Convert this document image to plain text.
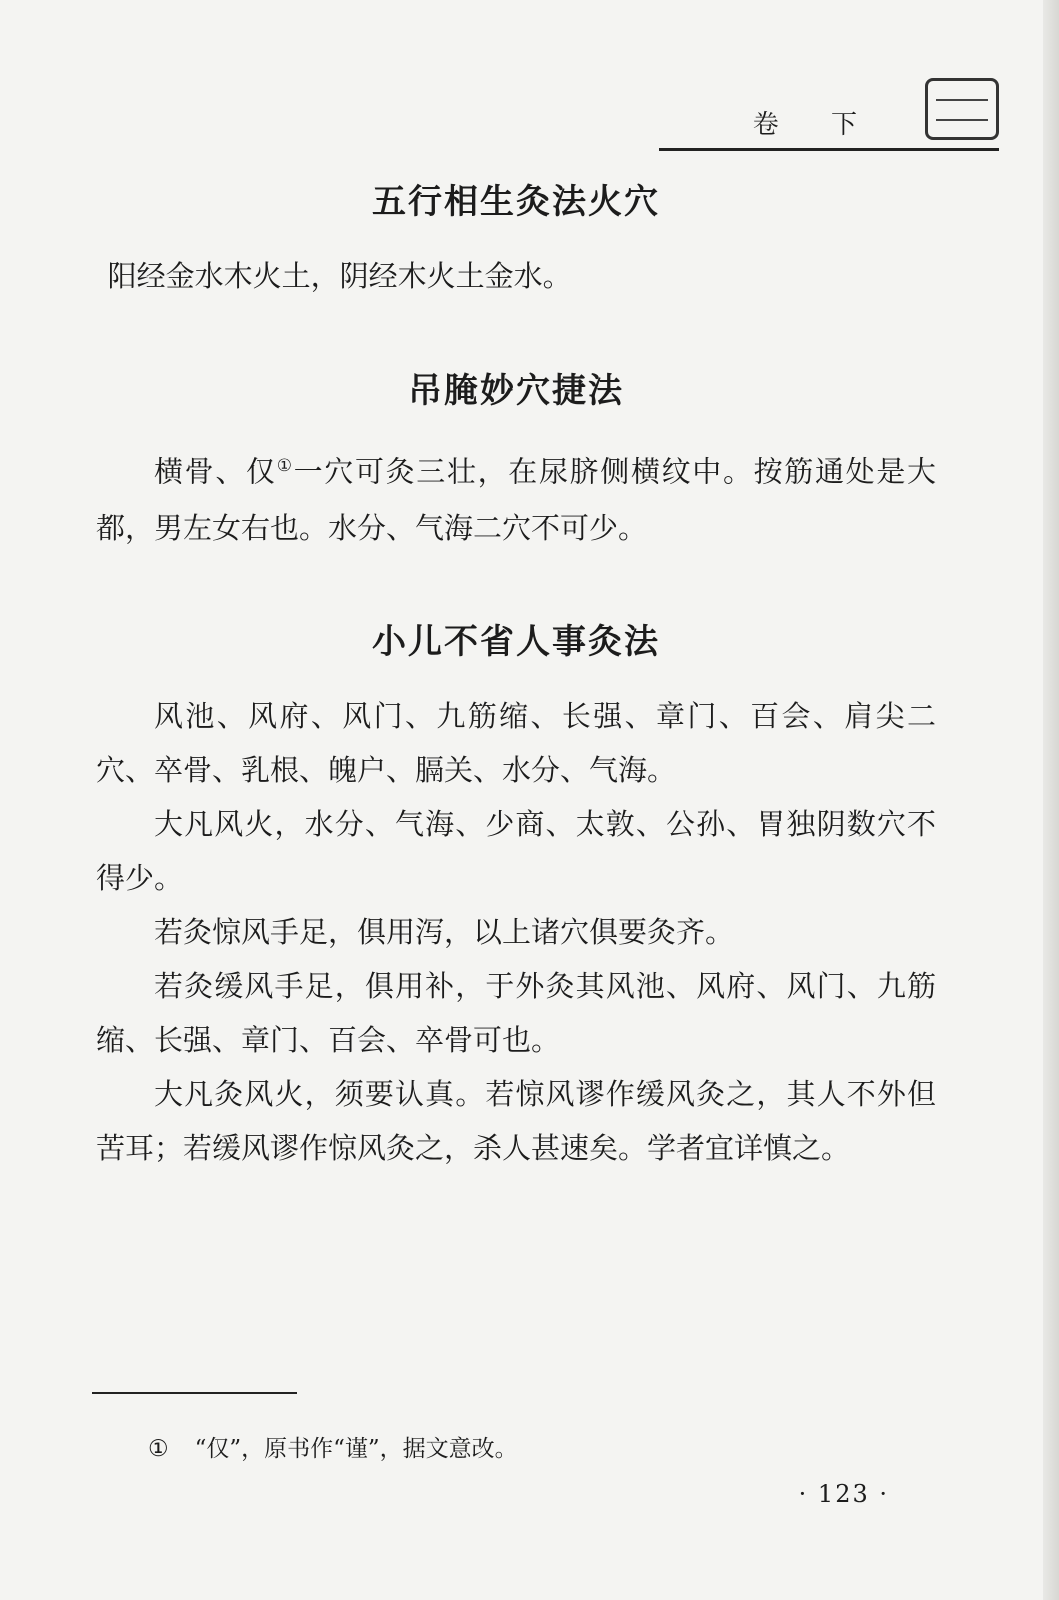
卷 下
五行相生灸法火穴

阳经金水木火土，阴经木火土金水。

吊腌妙穴捷法

横骨、仅①一穴可灸三壮，在尿脐侧横纹中。按筋通处是大都，男左女右也。水分、气海二穴不可少。

小儿不省人事灸法

风池、风府、风门、九筋缩、长强、章门、百会、肩尖二穴、卒骨、乳根、魄户、膈关、水分、气海。

大凡风火，水分、气海、少商、太敦、公孙、胃独阴数穴不得少。

若灸惊风手足，俱用泻，以上诸穴俱要灸齐。

若灸缓风手足，俱用补，于外灸其风池、风府、风门、九筋缩、长强、章门、百会、卒骨可也。

大凡灸风火，须要认真。若惊风谬作缓风灸之，其人不外但苦耳；若缓风谬作惊风灸之，杀人甚速矣。学者宜详慎之。

① “仅”，原书作“谨”，据文意改。
· 123 ·
